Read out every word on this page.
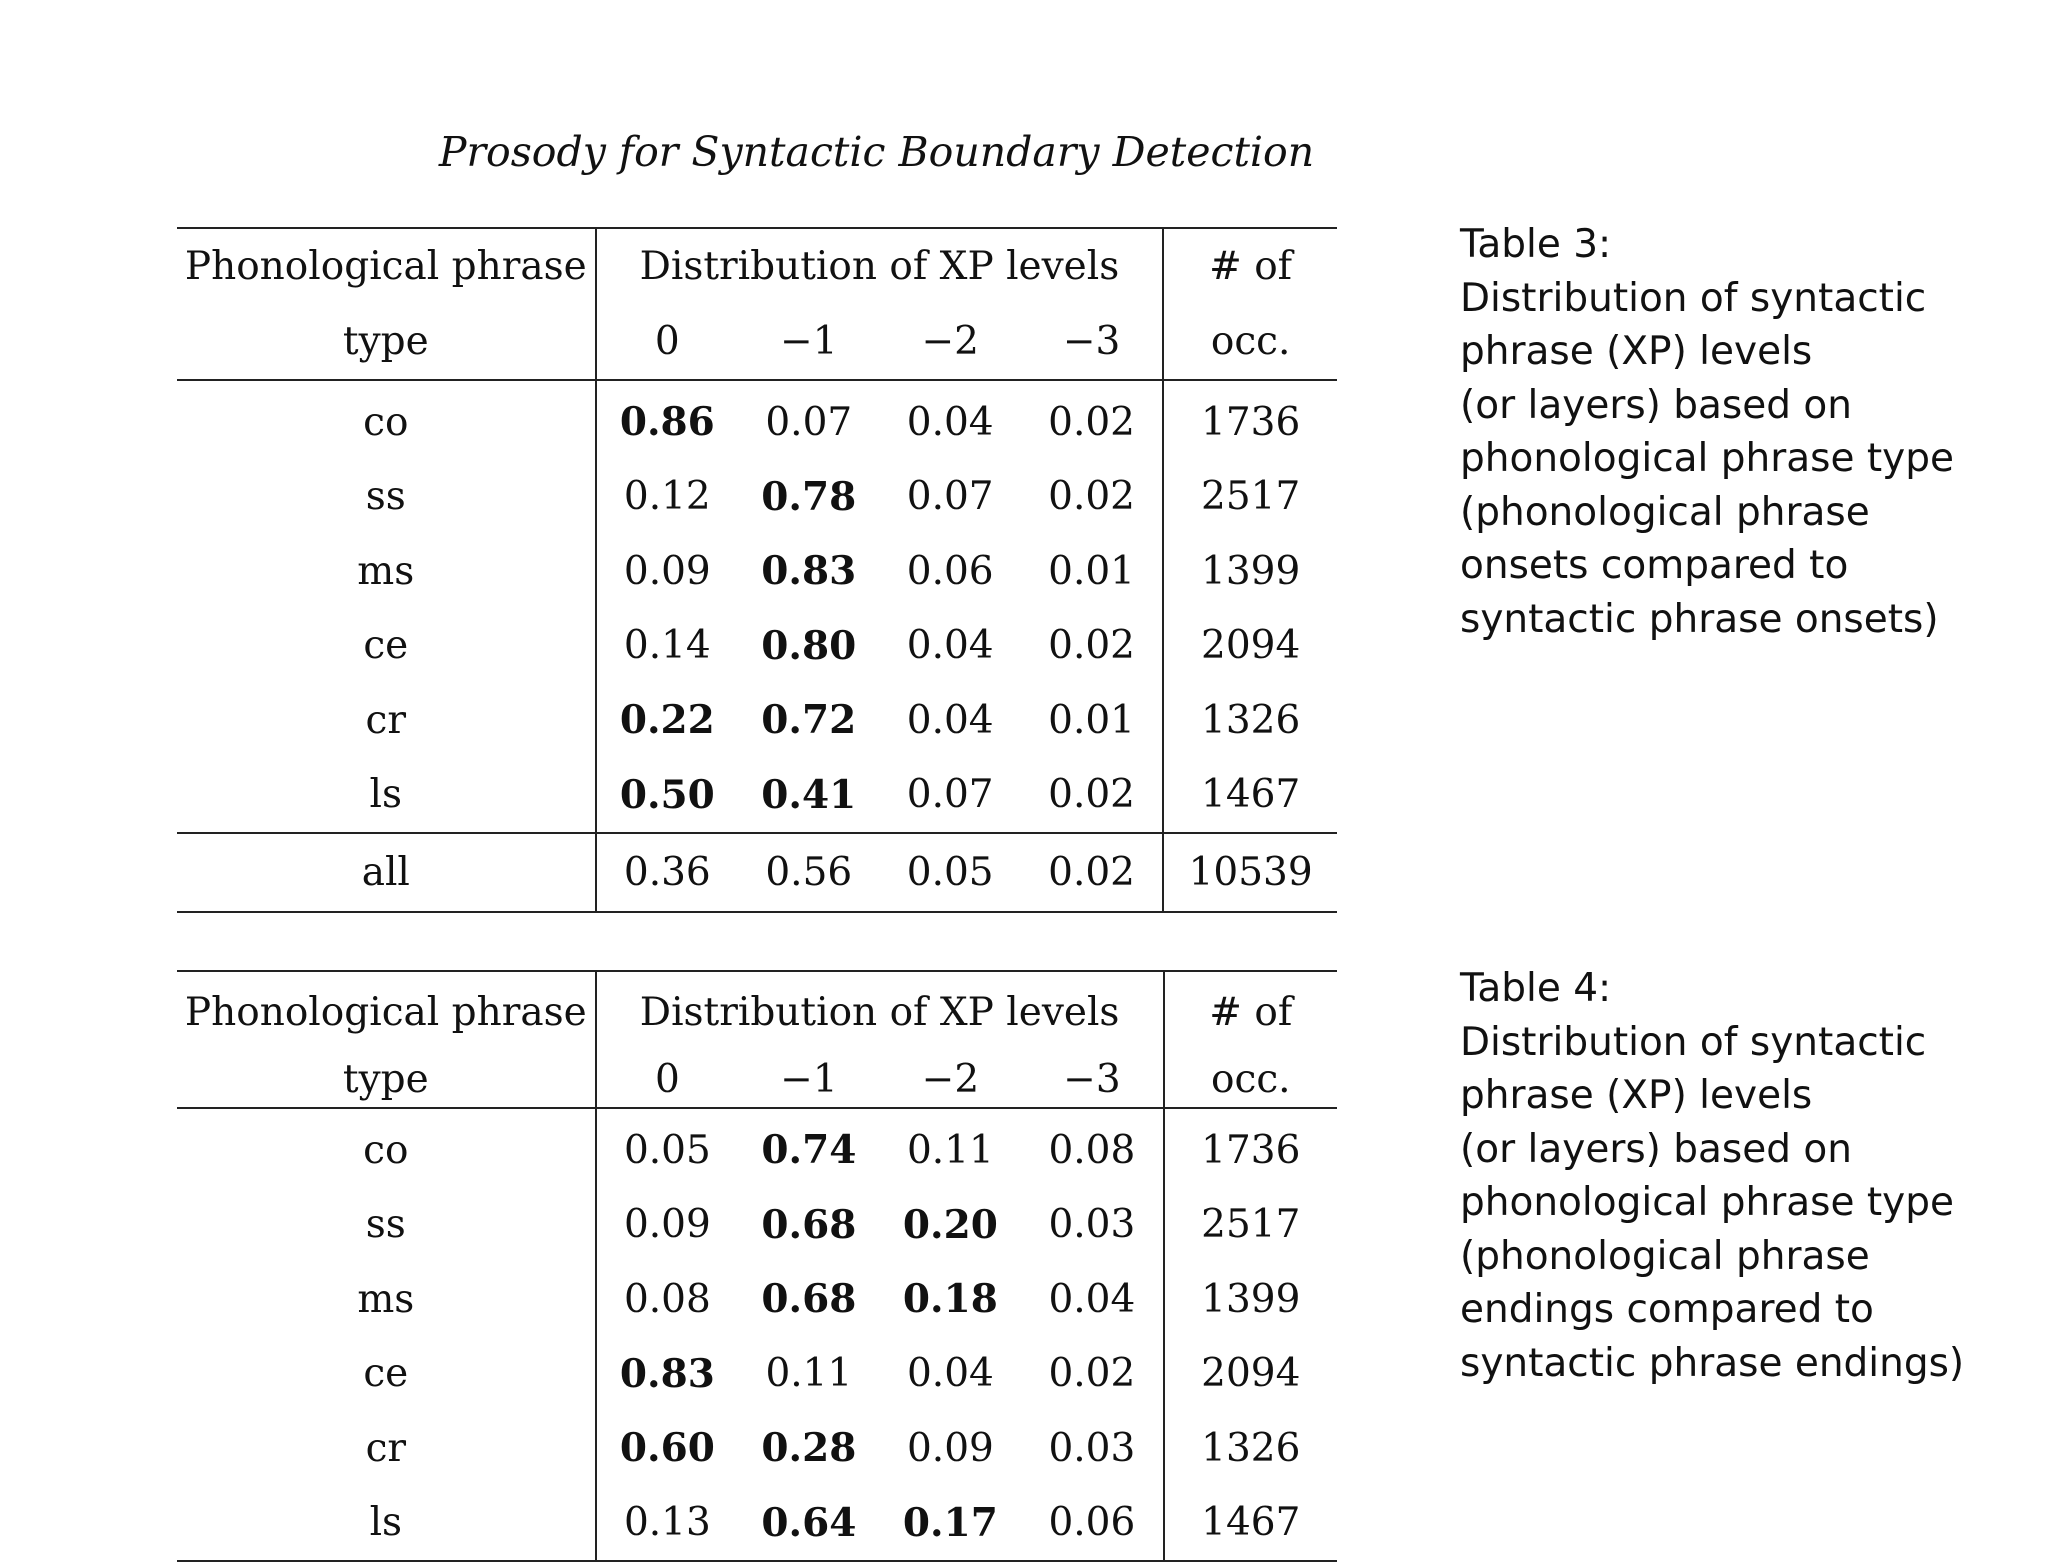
Prosody for Syntactic Boundary Detection
Phonological phrase	Distribution of XP levels				# of
type	0	−1	−2	−3	occ.
co	0.86	0.07	0.04	0.02	1736
ss	0.12	0.78	0.07	0.02	2517
ms	0.09	0.83	0.06	0.01	1399
ce	0.14	0.80	0.04	0.02	2094
cr	0.22	0.72	0.04	0.01	1326
ls	0.50	0.41	0.07	0.02	1467
all	0.36	0.56	0.05	0.02	10539
Table 3:
Distribution of syntactic
phrase (XP) levels
(or layers) based on
phonological phrase type
(phonological phrase
onsets compared to
syntactic phrase onsets)
Phonological phrase	Distribution of XP levels				# of
type	0	−1	−2	−3	occ.
co	0.05	0.74	0.11	0.08	1736
ss	0.09	0.68	0.20	0.03	2517
ms	0.08	0.68	0.18	0.04	1399
ce	0.83	0.11	0.04	0.02	2094
cr	0.60	0.28	0.09	0.03	1326
ls	0.13	0.64	0.17	0.06	1467
Table 4:
Distribution of syntactic
phrase (XP) levels
(or layers) based on
phonological phrase type
(phonological phrase
endings compared to
syntactic phrase endings)
